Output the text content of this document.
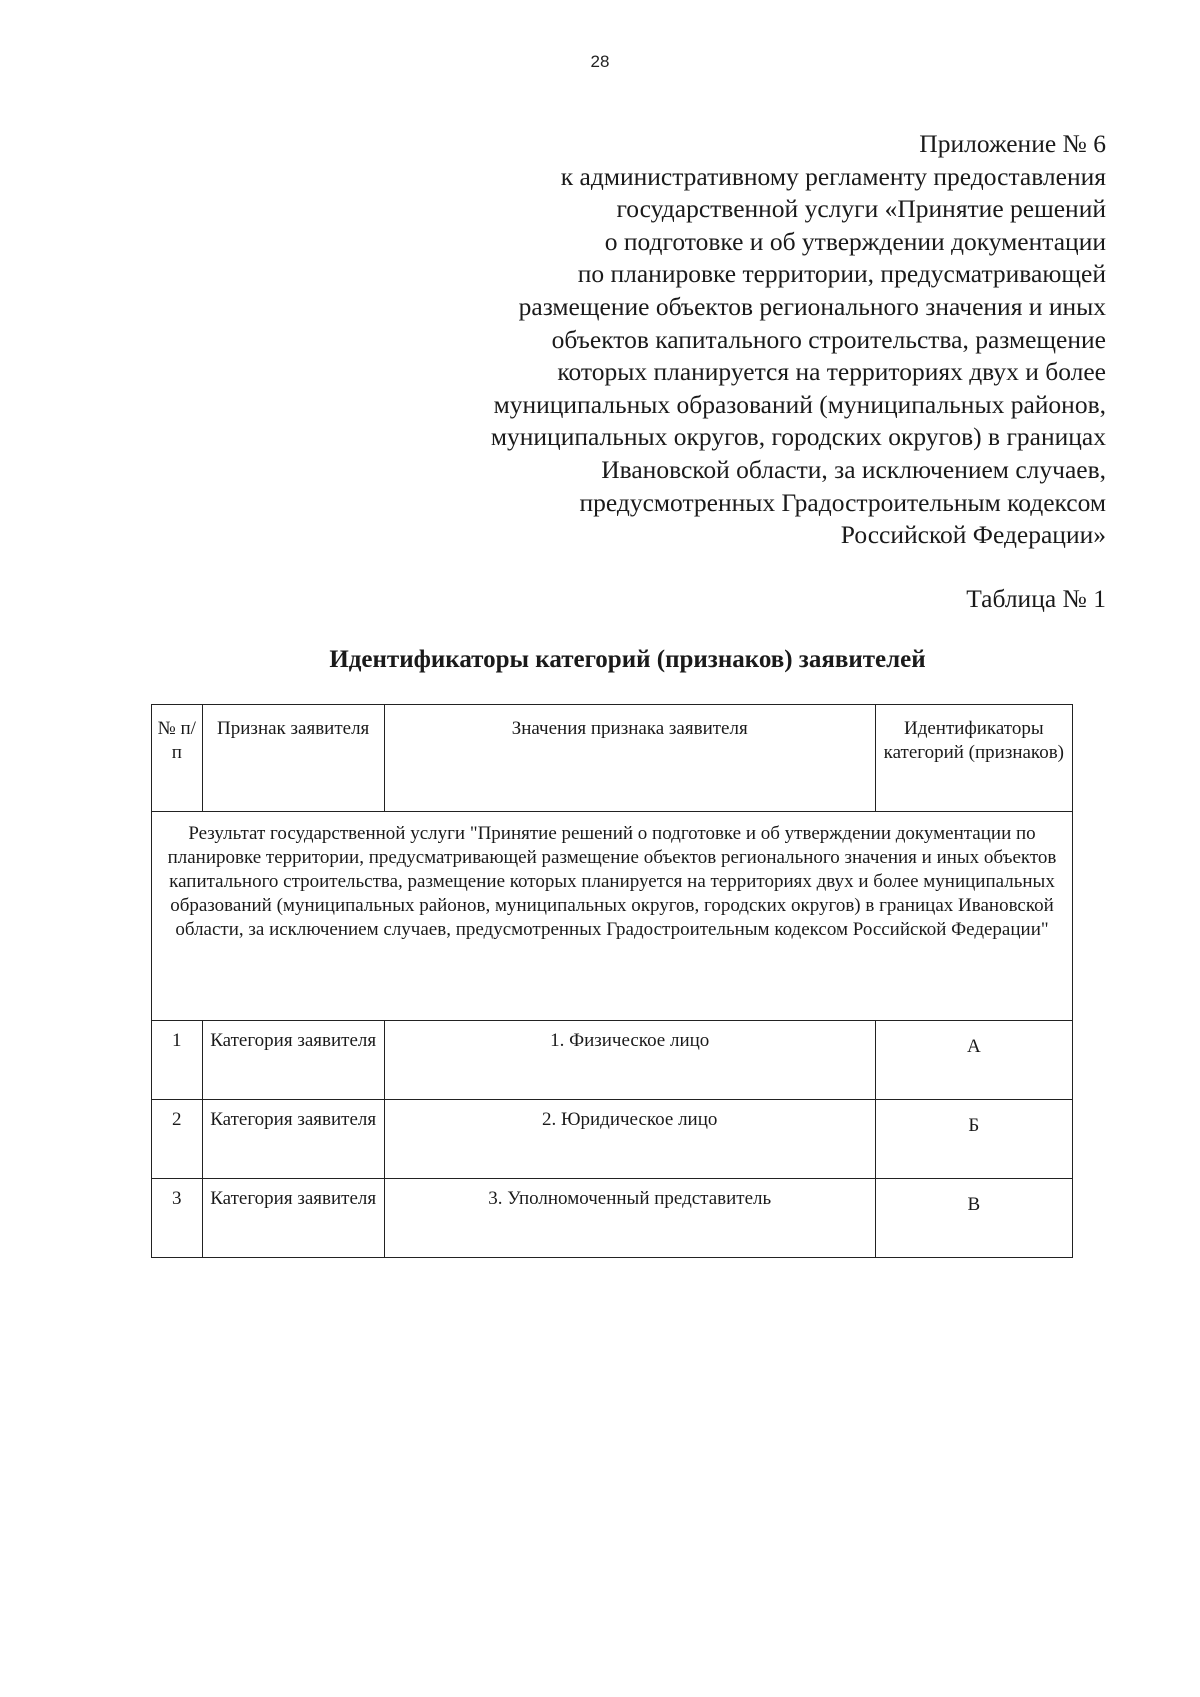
28
Приложение № 6
к административному регламенту предоставления
государственной услуги «Принятие решений
о подготовке и об утверждении документации
по планировке территории, предусматривающей
размещение объектов регионального значения и иных
объектов капитального строительства, размещение
которых планируется на территориях двух и более
муниципальных образований (муниципальных районов,
муниципальных округов, городских округов) в границах
Ивановской области, за исключением случаев,
предусмотренных Градостроительным кодексом
Российской Федерации»
Таблица № 1
Идентификаторы категорий (признаков) заявителей
№ п/п	Признак заявителя	Значения признака заявителя	Идентификаторы категорий (признаков)
Результат государственной услуги "Принятие решений о подготовке и об утверждении документации по планировке территории, предусматривающей размещение объектов регионального значения и иных объектов капитального строительства, размещение которых планируется на территориях двух и более муниципальных образований (муниципальных районов, муниципальных округов, городских округов) в границах Ивановской области, за исключением случаев, предусмотренных Градостроительным кодексом Российской Федерации"			
1	Категория заявителя	1. Физическое лицо	А
2	Категория заявителя	2. Юридическое лицо	Б
3	Категория заявителя	3. Уполномоченный представитель	В
